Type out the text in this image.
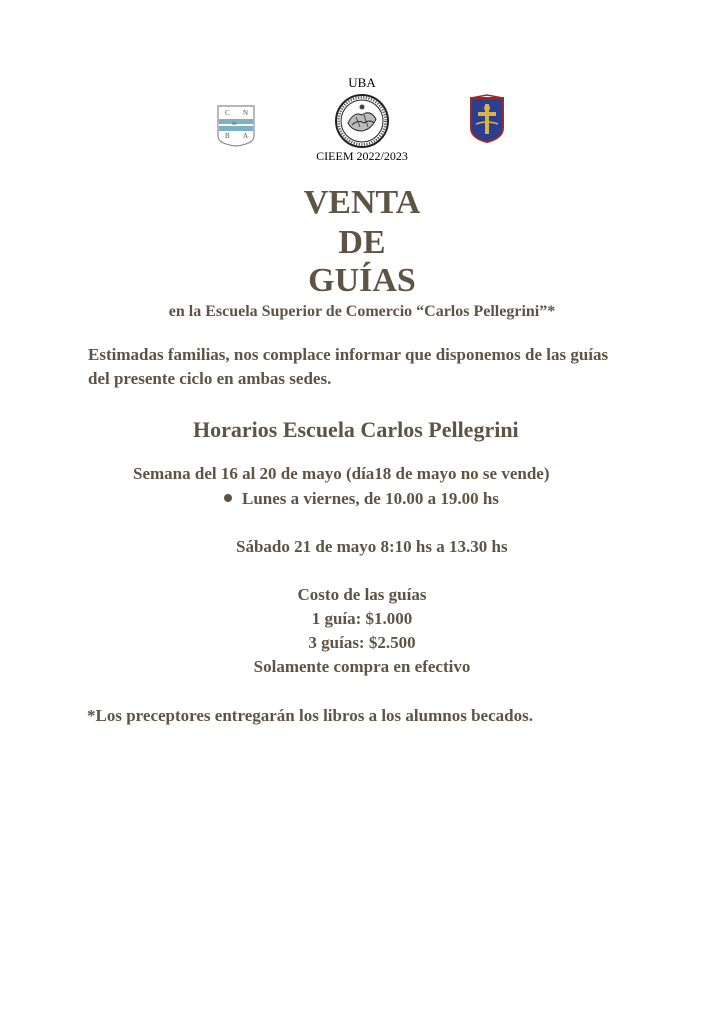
UBA
C N
de
B A
CIEEM 2022/2023
VENTA
DE
GUÍAS
en la Escuela Superior de Comercio “Carlos Pellegrini”*
Estimadas familias, nos complace informar que disponemos de las guías del presente ciclo en ambas sedes.
Horarios Escuela Carlos Pellegrini
Semana del 16 al 20 de mayo (día18 de mayo no se vende)
Lunes a viernes, de 10.00 a 19.00 hs
Sábado 21 de mayo 8:10 hs a 13.30 hs
Costo de las guías
1 guía: $1.000
3 guías: $2.500
Solamente compra en efectivo
*Los preceptores entregarán los libros a los alumnos becados.
